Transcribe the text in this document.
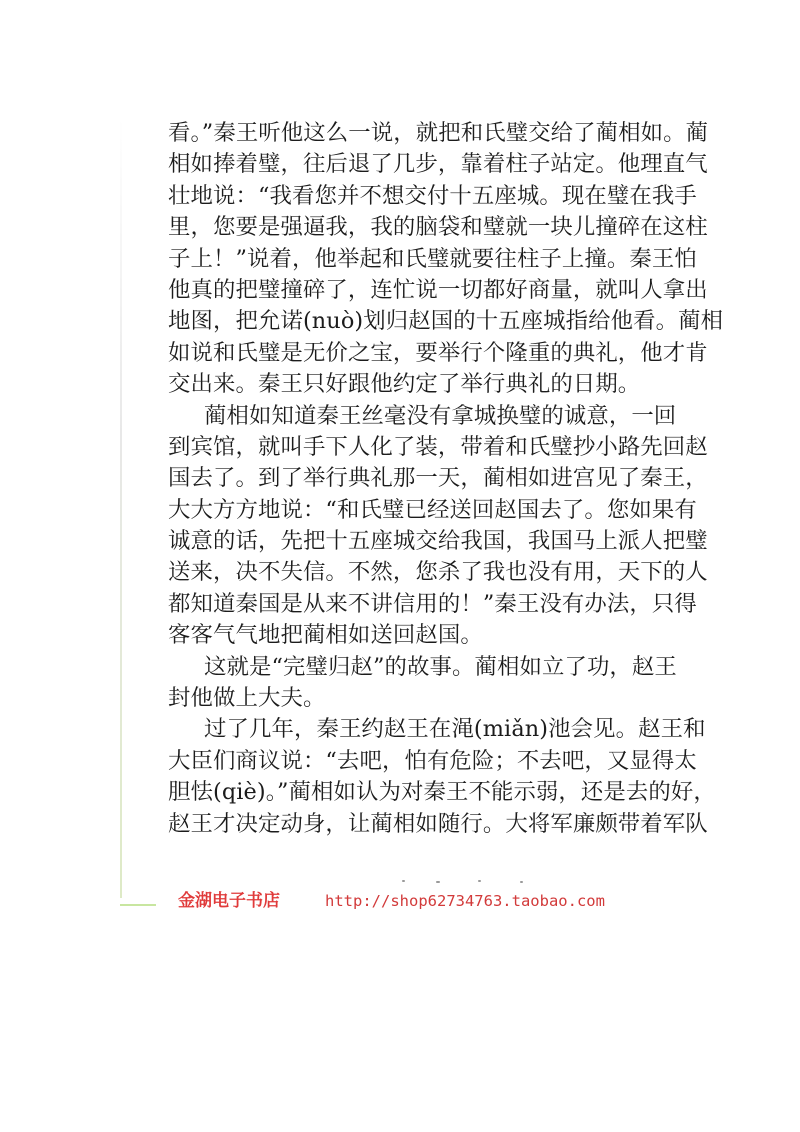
看。”秦王听他这么一说，就把和氏璧交给了蔺相如。蔺
相如捧着璧，往后退了几步，靠着柱子站定。他理直气
壮地说：“我看您并不想交付十五座城。现在璧在我手
里，您要是强逼我，我的脑袋和璧就一块儿撞碎在这柱
子上！”说着，他举起和氏璧就要往柱子上撞。秦王怕
他真的把璧撞碎了，连忙说一切都好商量，就叫人拿出
地图，把允诺(nuò)划归赵国的十五座城指给他看。蔺相
如说和氏璧是无价之宝，要举行个隆重的典礼，他才肯
交出来。秦王只好跟他约定了举行典礼的日期。
蔺相如知道秦王丝毫没有拿城换璧的诚意，一回
到宾馆，就叫手下人化了装，带着和氏璧抄小路先回赵
国去了。到了举行典礼那一天，蔺相如进宫见了秦王，
大大方方地说：“和氏璧已经送回赵国去了。您如果有
诚意的话，先把十五座城交给我国，我国马上派人把璧
送来，决不失信。不然，您杀了我也没有用，天下的人
都知道秦国是从来不讲信用的！”秦王没有办法，只得
客客气气地把蔺相如送回赵国。
这就是“完璧归赵”的故事。蔺相如立了功，赵王
封他做上大夫。
过了几年，秦王约赵王在渑(miǎn)池会见。赵王和
大臣们商议说：“去吧，怕有危险；不去吧，又显得太
胆怯(qiè)。”蔺相如认为对秦王不能示弱，还是去的好，
赵王才决定动身，让蔺相如随行。大将军廉颇带着军队
金湖电子书店	http://shop62734763.taobao.com
